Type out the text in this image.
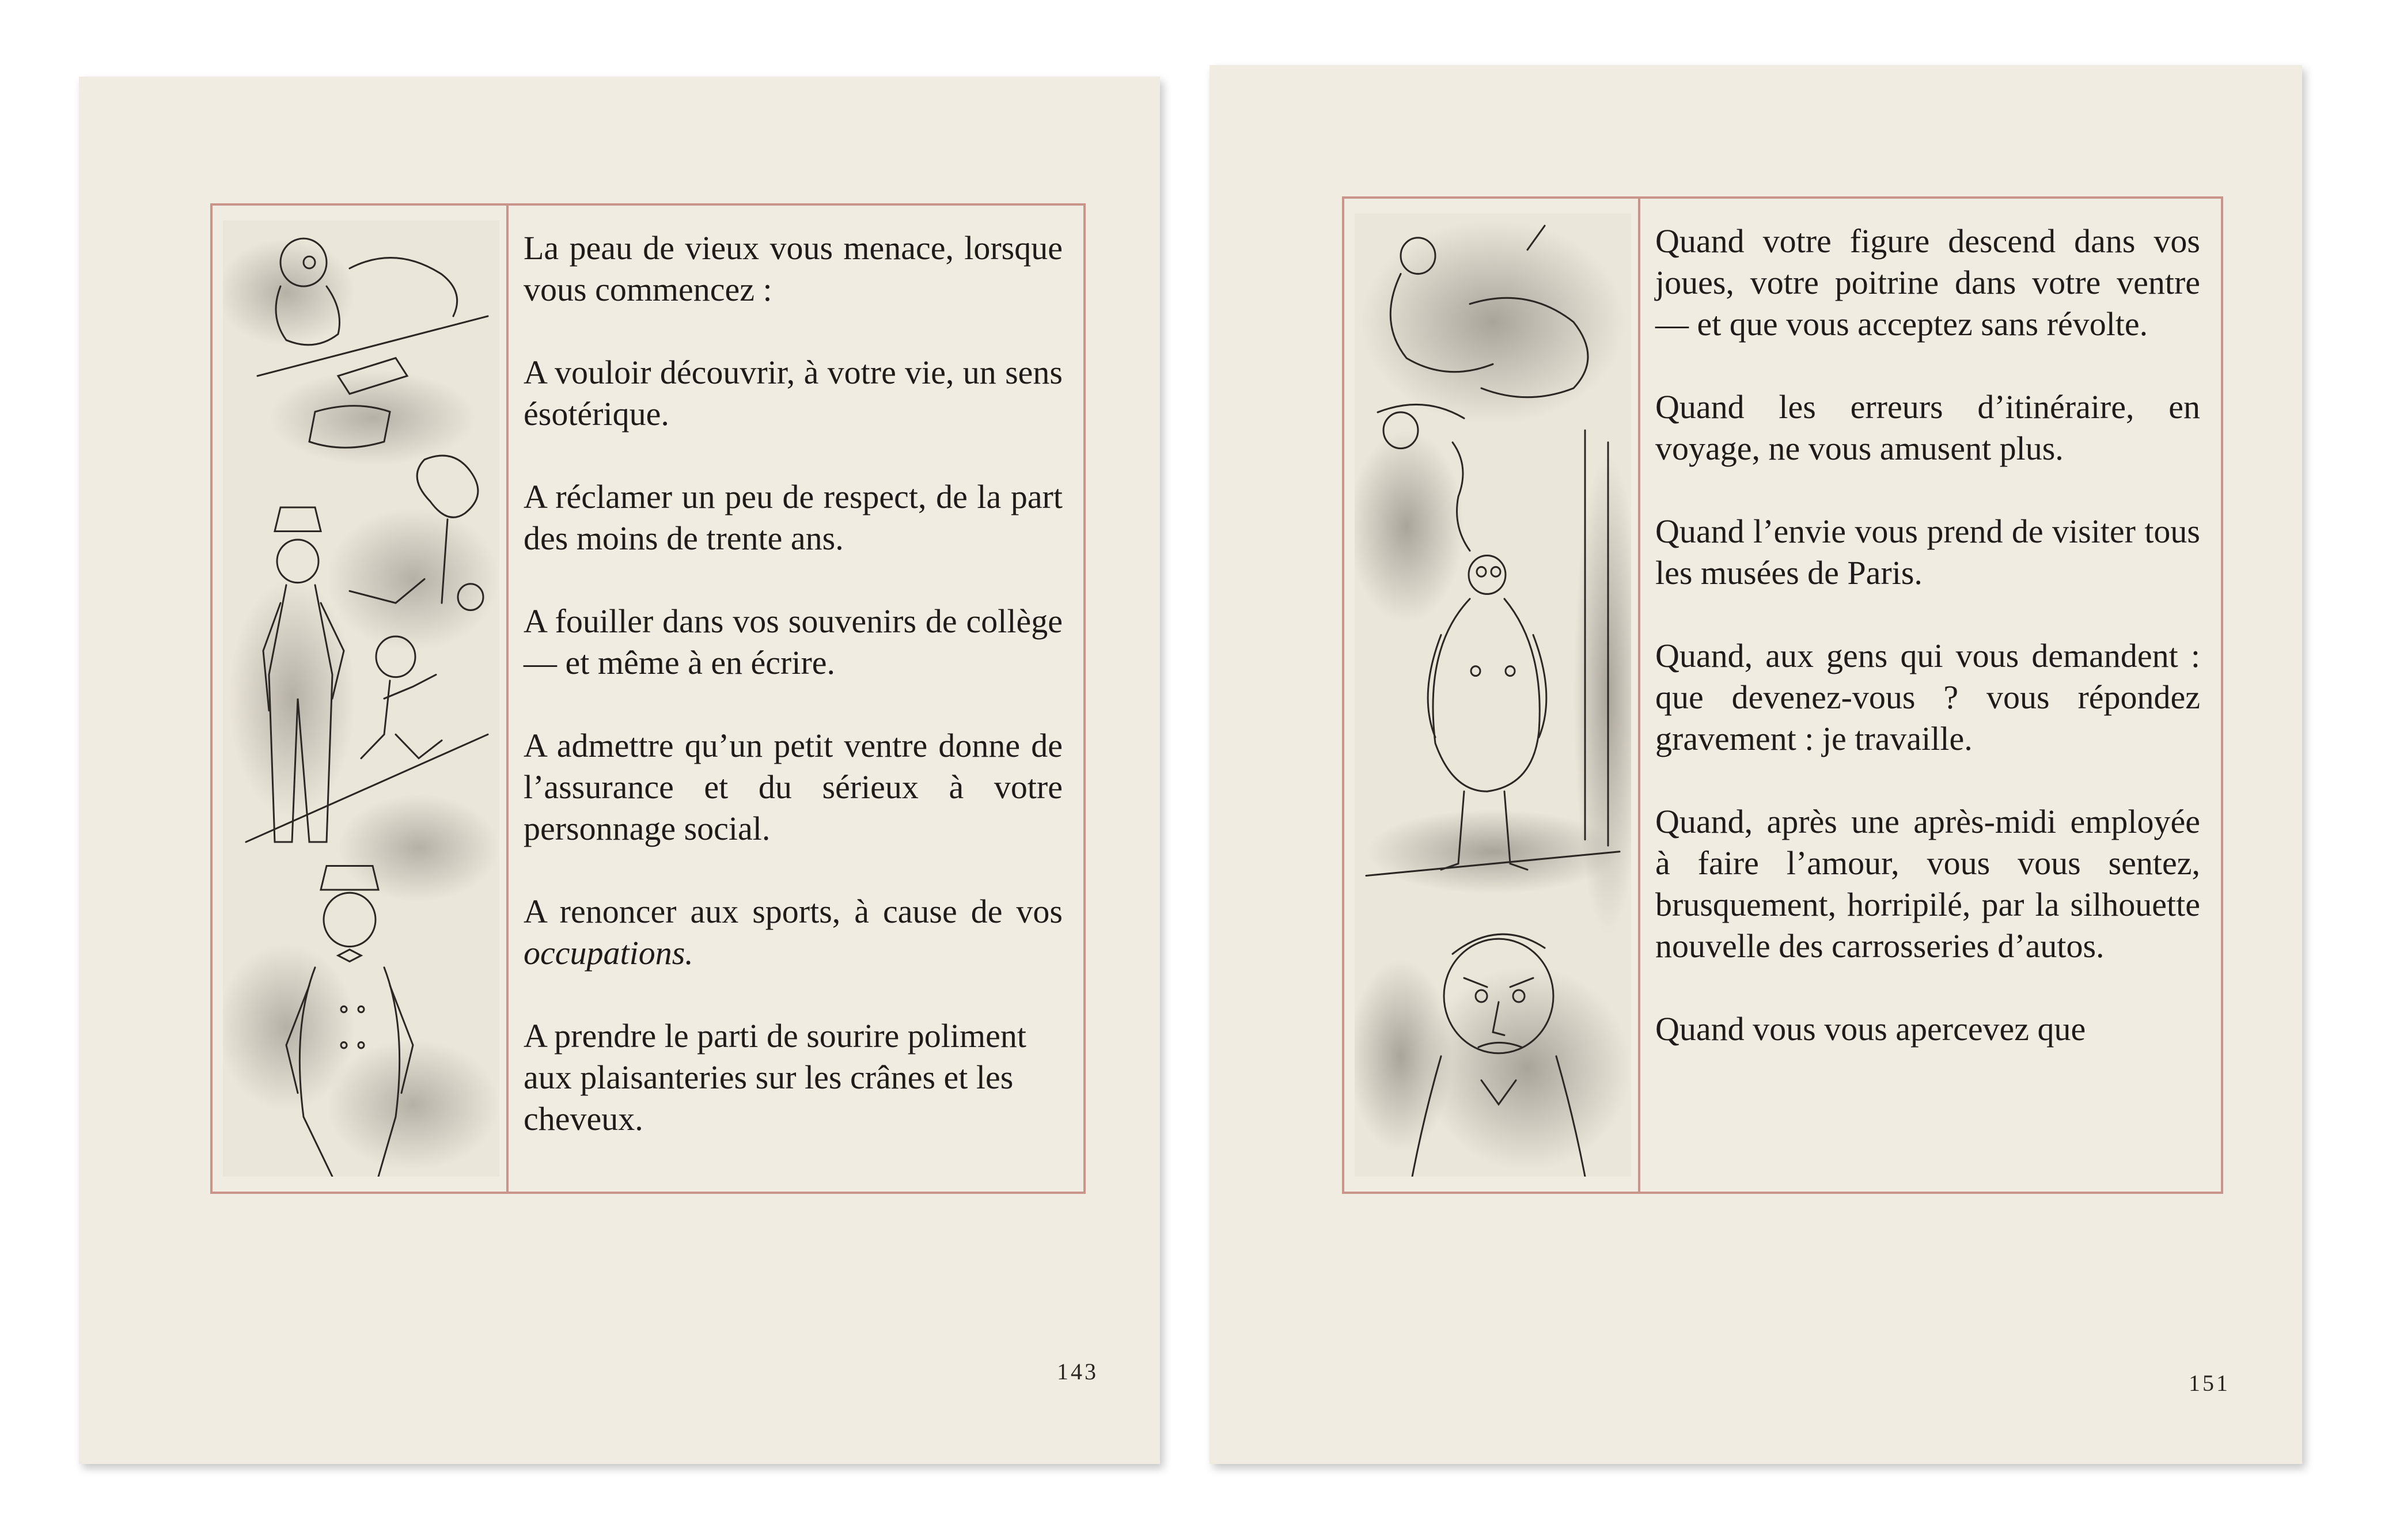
La peau de vieux vous menace, lorsque vous commencez :

A vouloir découvrir, à votre vie, un sens ésotérique.

A réclamer un peu de respect, de la part des moins de trente ans.

A fouiller dans vos souvenirs de collège — et même à en écrire.

A admettre qu’un petit ventre donne de l’assurance et du sérieux à votre personnage social.

A renoncer aux sports, à cause de vos occupations.

A prendre le parti de sourire poliment aux plaisanteries sur les crânes et les cheveux.

143

Quand votre figure descend dans vos joues, votre poitrine dans votre ventre — et que vous acceptez sans révolte.

Quand les erreurs d’itinéraire, en voyage, ne vous amusent plus.

Quand l’envie vous prend de visiter tous les musées de Paris.

Quand, aux gens qui vous demandent : que devenez-vous ? vous répondez gravement : je travaille.

Quand, après une après-midi employée à faire l’amour, vous vous sentez, brusquement, horripilé, par la silhouette nouvelle des carrosseries d’autos.

Quand vous vous apercevez que

151
